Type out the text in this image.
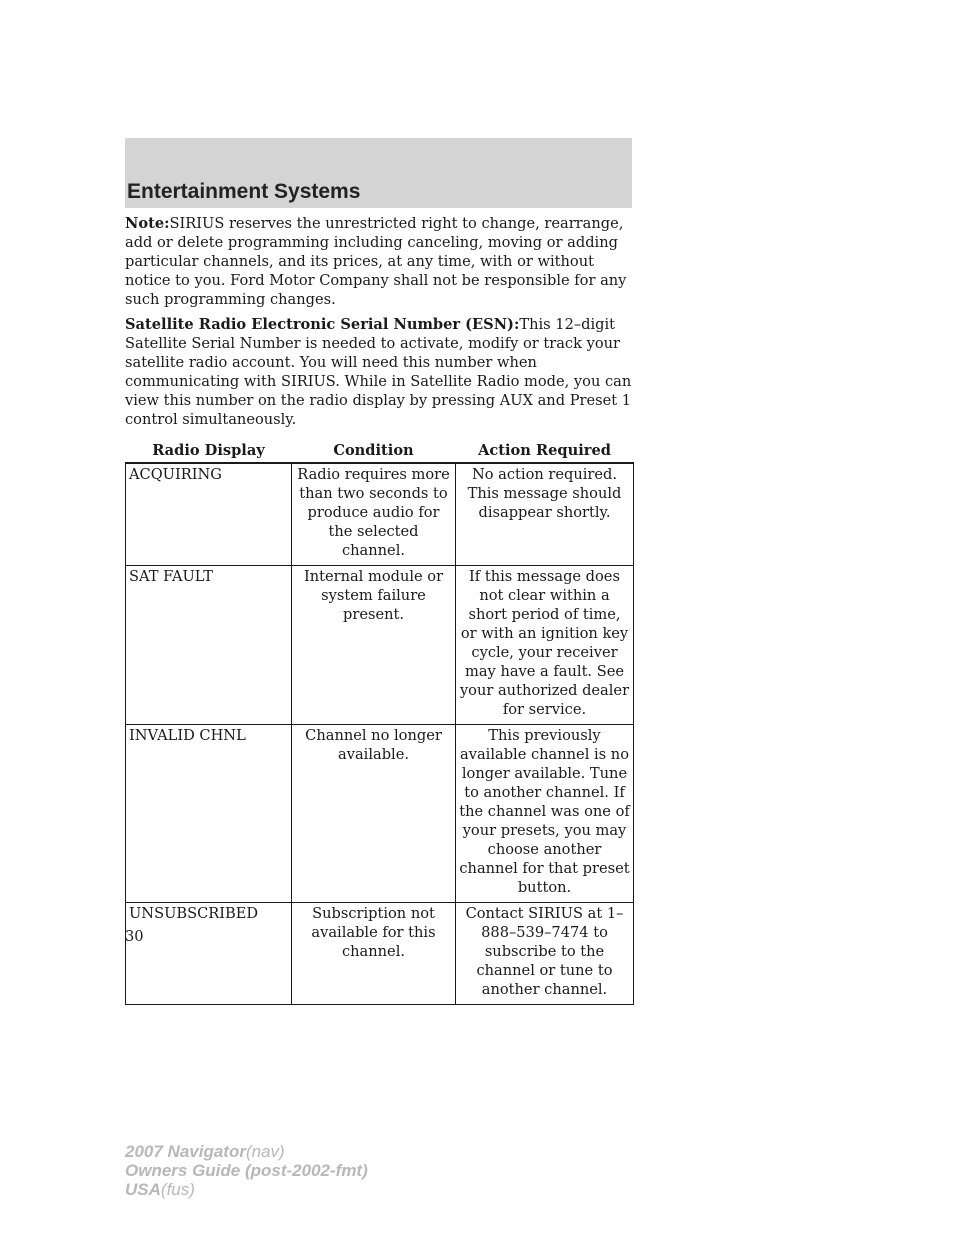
Entertainment Systems

Note:SIRIUS reserves the unrestricted right to change, rearrange, add or delete programming including canceling, moving or adding particular channels, and its prices, at any time, with or without notice to you. Ford Motor Company shall not be responsible for any such programming changes.

Satellite Radio Electronic Serial Number (ESN):This 12–digit Satellite Serial Number is needed to activate, modify or track your satellite radio account. You will need this number when communicating with SIRIUS. While in Satellite Radio mode, you can view this number on the radio display by pressing AUX and Preset 1 control simultaneously.

Radio Display	Condition	Action Required
ACQUIRING	Radio requires more than two seconds to produce audio for the selected channel.	No action required. This message should disappear shortly.
SAT FAULT	Internal module or system failure present.	If this message does not clear within a short period of time, or with an ignition key cycle, your receiver may have a fault. See your authorized dealer for service.
INVALID CHNL	Channel no longer available.	This previously available channel is no longer available. Tune to another channel. If the channel was one of your presets, you may choose another channel for that preset button.
UNSUBSCRIBED	Subscription not available for this channel.	Contact SIRIUS at 1–888–539–7474 to subscribe to the channel or tune to another channel.
30
2007 Navigator(nav)
Owners Guide (post-2002-fmt)
USA(fus)
